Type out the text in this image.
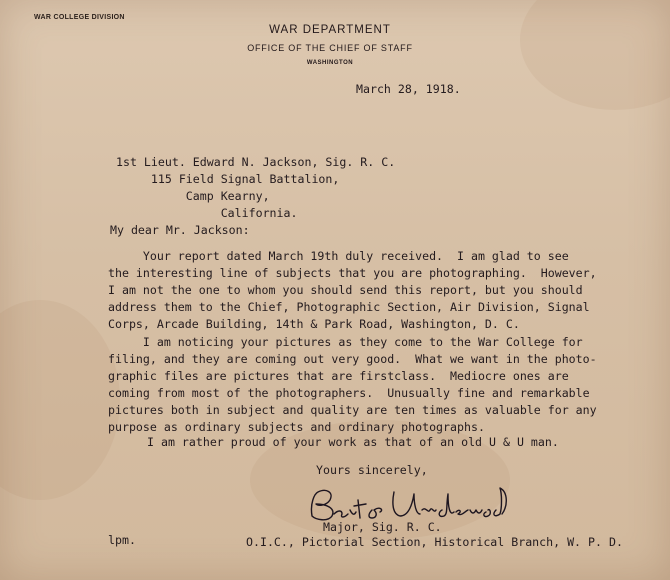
WAR COLLEGE DIVISION
WAR DEPARTMENT
OFFICE OF THE CHIEF OF STAFF
WASHINGTON
March 28, 1918.
1st Lieut. Edward N. Jackson, Sig. R. C.
115 Field Signal Battalion,
Camp Kearny,
California.
My dear Mr. Jackson:
Your report dated March 19th duly received.  I am glad to see
the interesting line of subjects that you are photographing.  However,
I am not the one to whom you should send this report, but you should
address them to the Chief, Photographic Section, Air Division, Signal
Corps, Arcade Building, 14th & Park Road, Washington, D. C.
I am noticing your pictures as they come to the War College for
filing, and they are coming out very good.  What we want in the photo-
graphic files are pictures that are firstclass.  Mediocre ones are
coming from most of the photographers.  Unusually fine and remarkable
pictures both in subject and quality are ten times as valuable for any
purpose as ordinary subjects and ordinary photographs.
I am rather proud of your work as that of an old U & U man.
Yours sincerely,
Major, Sig. R. C.
lpm.	O.I.C., Pictorial Section, Historical Branch, W. P. D.
